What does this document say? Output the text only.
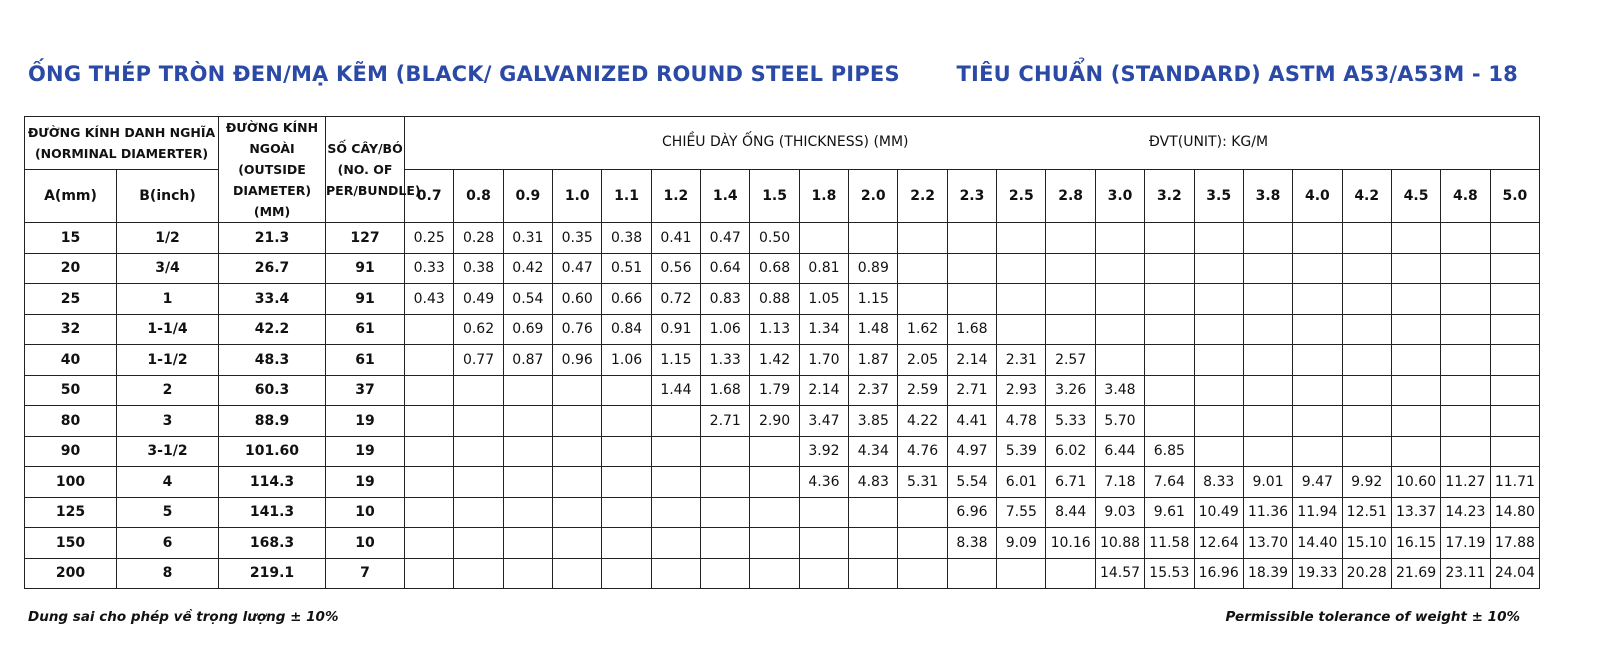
ỐNG THÉP TRÒN ĐEN/MẠ KẼM (BLACK/ GALVANIZED ROUND STEEL PIPES	TIÊU CHUẨN (STANDARD) ASTM A53/A53M - 18
ĐƯỜNG KÍNH DANH NGHĨA (NORMINAL DIAMERTER)		ĐƯỜNG KÍNH NGOÀI (OUTSIDE DIAMETER) (MM)	SỐ CÂY/BÓ (NO. OF PER/BUNDLE)	CHIỀU DÀY ỐNG (THICKNESS) (MM) ĐVT(UNIT): KG/M																						

A(mm)	B(inch)			0.7	0.8	0.9	1.0	1.1	1.2	1.4	1.5	1.8	2.0	2.2	2.3	2.5	2.8	3.0	3.2	3.5	3.8	4.0	4.2	4.5	4.8	5.0
15	1/2	21.3	127	0.25	0.28	0.31	0.35	0.38	0.41	0.47	0.50															
20	3/4	26.7	91	0.33	0.38	0.42	0.47	0.51	0.56	0.64	0.68	0.81	0.89													
25	1	33.4	91	0.43	0.49	0.54	0.60	0.66	0.72	0.83	0.88	1.05	1.15													
32	1-1/4	42.2	61		0.62	0.69	0.76	0.84	0.91	1.06	1.13	1.34	1.48	1.62	1.68											
40	1-1/2	48.3	61		0.77	0.87	0.96	1.06	1.15	1.33	1.42	1.70	1.87	2.05	2.14	2.31	2.57									
50	2	60.3	37						1.44	1.68	1.79	2.14	2.37	2.59	2.71	2.93	3.26	3.48								
80	3	88.9	19							2.71	2.90	3.47	3.85	4.22	4.41	4.78	5.33	5.70								
90	3-1/2	101.60	19									3.92	4.34	4.76	4.97	5.39	6.02	6.44	6.85							
100	4	114.3	19									4.36	4.83	5.31	5.54	6.01	6.71	7.18	7.64	8.33	9.01	9.47	9.92	10.60	11.27	11.71
125	5	141.3	10												6.96	7.55	8.44	9.03	9.61	10.49	11.36	11.94	12.51	13.37	14.23	14.80
150	6	168.3	10												8.38	9.09	10.16	10.88	11.58	12.64	13.70	14.40	15.10	16.15	17.19	17.88
200	8	219.1	7															14.57	15.53	16.96	18.39	19.33	20.28	21.69	23.11	24.04
Dung sai cho phép về trọng lượng ± 10%	Permissible tolerance of weight ± 10%
